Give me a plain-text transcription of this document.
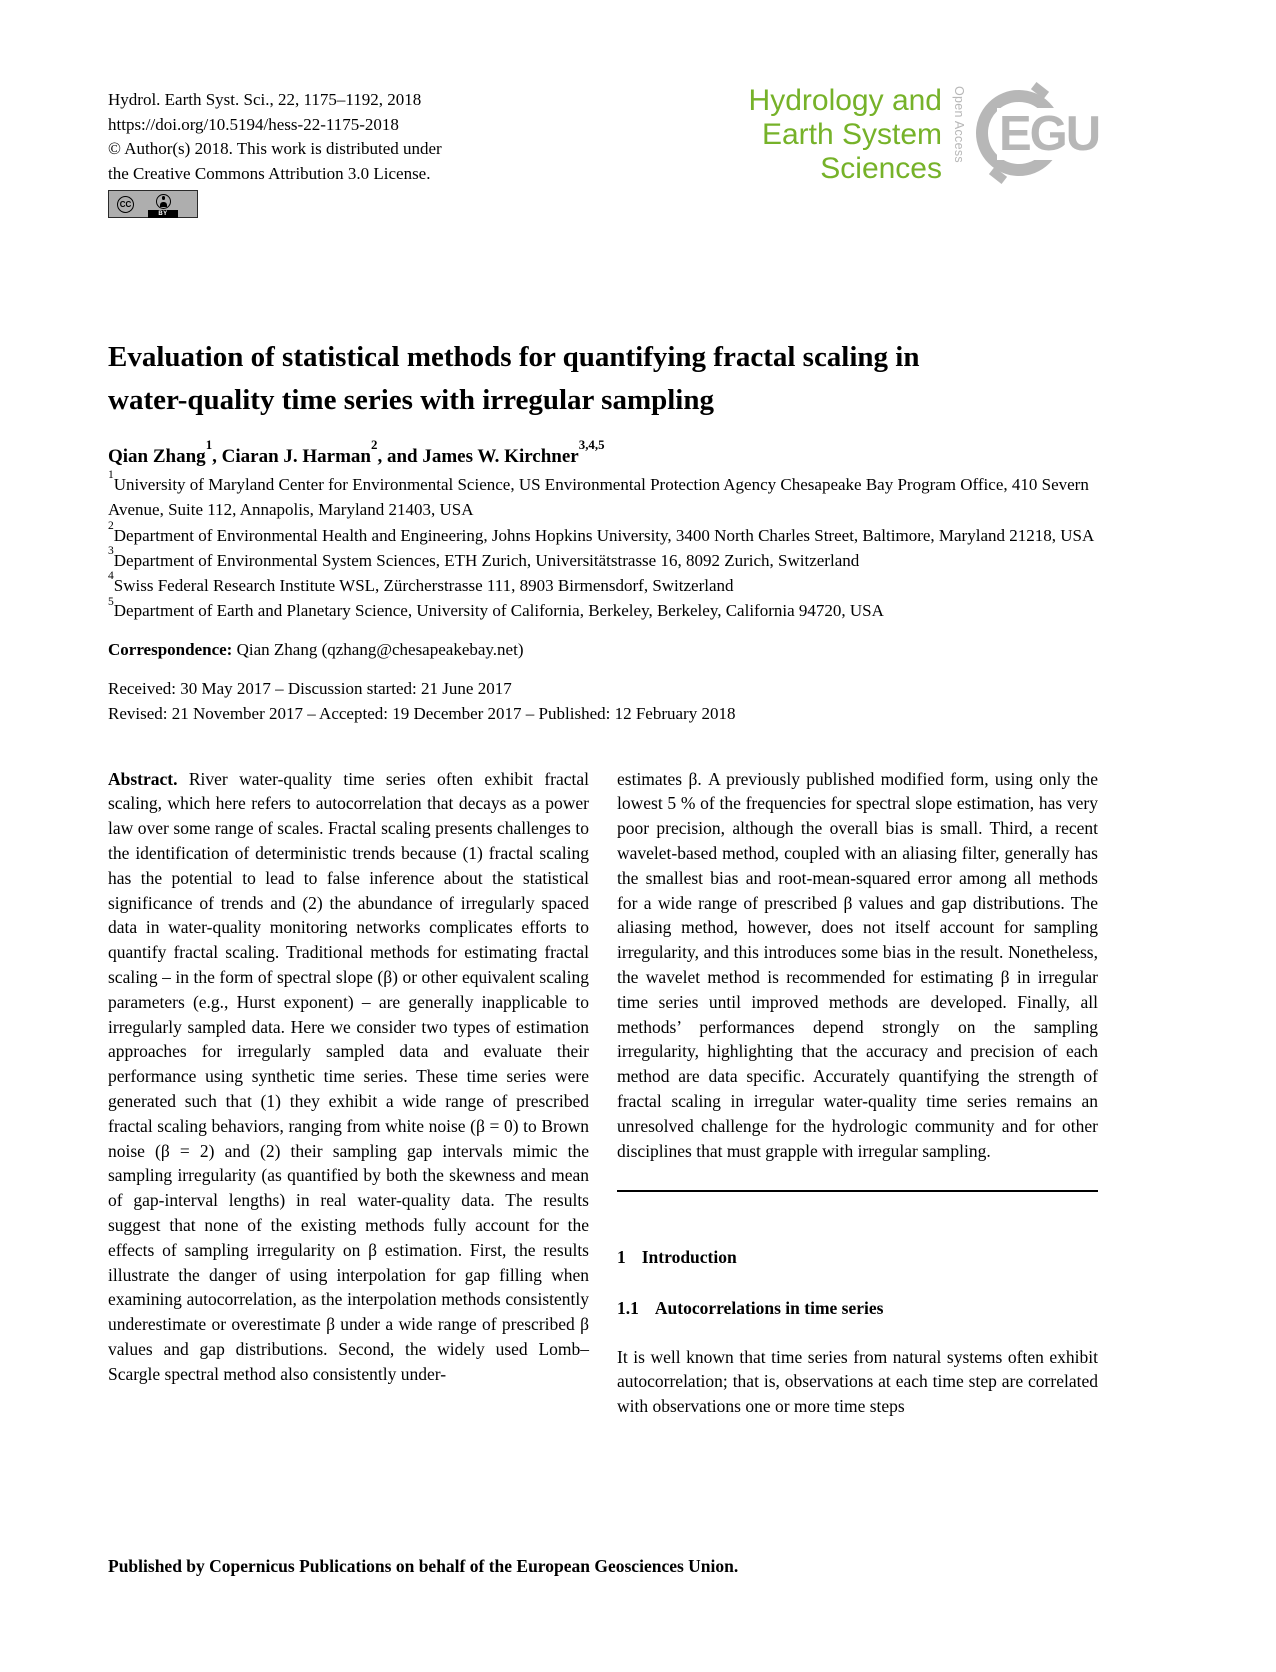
Hydrol. Earth Syst. Sci., 22, 1175–1192, 2018
https://doi.org/10.5194/hess-22-1175-2018
© Author(s) 2018. This work is distributed under
the Creative Commons Attribution 3.0 License.
CC
BY
Evaluation of statistical methods for quantifying fractal scaling in
water-quality time series with irregular sampling
Qian Zhang$^1$, Ciaran J. Harman$^2$, and James W. Kirchner$^{3,4,5}$
$^1$University of Maryland Center for Environmental Science, US Environmental Protection Agency Chesapeake Bay Program Office, 410 Severn Avenue, Suite 112, Annapolis, Maryland 21403, USA
$^2$Department of Environmental Health and Engineering, Johns Hopkins University, 3400 North Charles Street, Baltimore, Maryland 21218, USA
$^3$Department of Environmental System Sciences, ETH Zurich, Universitätstrasse 16, 8092 Zurich, Switzerland
$^4$Swiss Federal Research Institute WSL, Zürcherstrasse 111, 8903 Birmensdorf, Switzerland
$^5$Department of Earth and Planetary Science, University of California, Berkeley, Berkeley, California 94720, USA
Correspondence: Qian Zhang (qzhang@chesapeakebay.net)
Received: 30 May 2017 – Discussion started: 21 June 2017
Revised: 21 November 2017 – Accepted: 19 December 2017 – Published: 12 February 2018
Abstract. River water-quality time series often exhibit fractal scaling, which here refers to autocorrelation that decays as a power law over some range of scales. Fractal scaling presents challenges to the identification of deterministic trends because (1) fractal scaling has the potential to lead to false inference about the statistical significance of trends and (2) the abundance of irregularly spaced data in water-quality monitoring networks complicates efforts to quantify fractal scaling. Traditional methods for estimating fractal scaling – in the form of spectral slope (β) or other equivalent scaling parameters (e.g., Hurst exponent) – are generally inapplicable to irregularly sampled data. Here we consider two types of estimation approaches for irregularly sampled data and evaluate their performance using synthetic time series. These time series were generated such that (1) they exhibit a wide range of prescribed fractal scaling behaviors, ranging from white noise (β = 0) to Brown noise (β = 2) and (2) their sampling gap intervals mimic the sampling irregularity (as quantified by both the skewness and mean of gap-interval lengths) in real water-quality data. The results suggest that none of the existing methods fully account for the effects of sampling irregularity on β estimation. First, the results illustrate the danger of using interpolation for gap filling when examining autocorrelation, as the interpolation methods consistently underestimate or overestimate β under a wide range of prescribed β values and gap distributions. Second, the widely used Lomb–Scargle spectral method also consistently under-
estimates β. A previously published modified form, using only the lowest 5 % of the frequencies for spectral slope estimation, has very poor precision, although the overall bias is small. Third, a recent wavelet-based method, coupled with an aliasing filter, generally has the smallest bias and root-mean-squared error among all methods for a wide range of prescribed β values and gap distributions. The aliasing method, however, does not itself account for sampling irregularity, and this introduces some bias in the result. Nonetheless, the wavelet method is recommended for estimating β in irregular time series until improved methods are developed. Finally, all methods’ performances depend strongly on the sampling irregularity, highlighting that the accuracy and precision of each method are data specific. Accurately quantifying the strength of fractal scaling in irregular water-quality time series remains an unresolved challenge for the hydrologic community and for other disciplines that must grapple with irregular sampling.
1 Introduction
1.1 Autocorrelations in time series
It is well known that time series from natural systems often exhibit autocorrelation; that is, observations at each time step are correlated with observations one or more time steps
Hydrology and
Earth System
Sciences
Open Access EGU
Published by Copernicus Publications on behalf of the European Geosciences Union.
